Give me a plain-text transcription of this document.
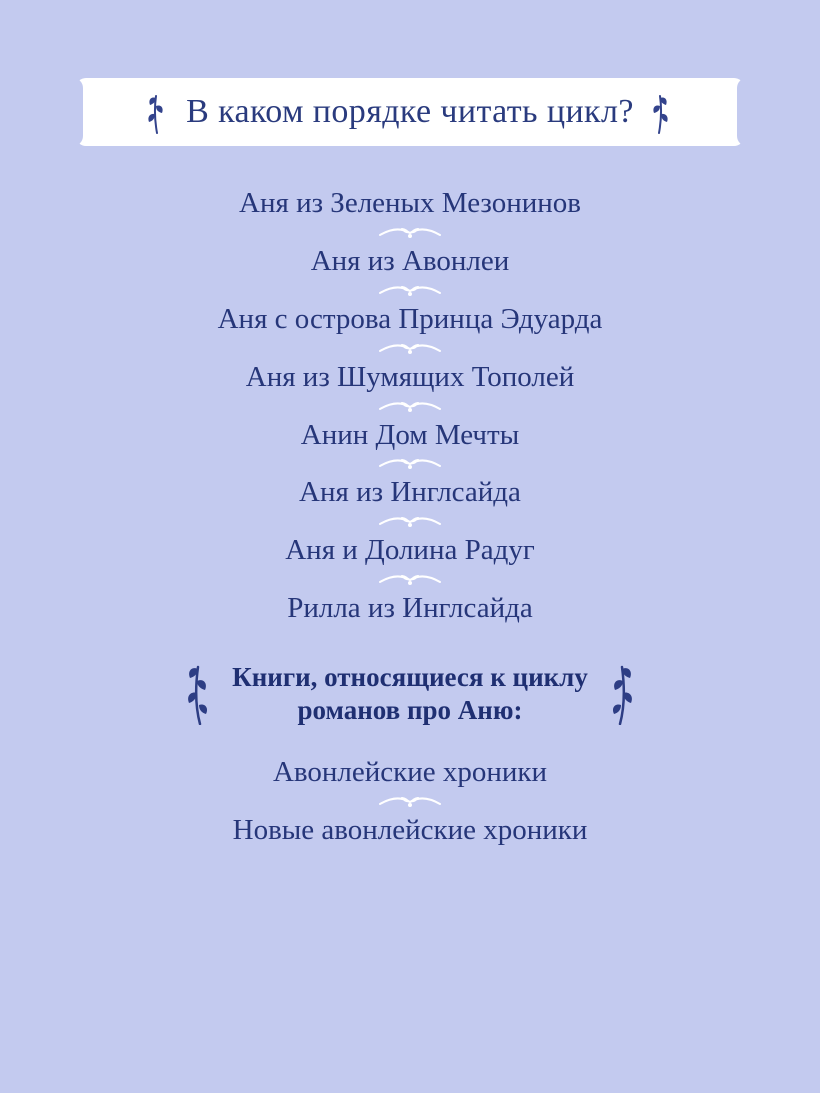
В каком порядке читать цикл?
Аня из Зеленых Мезонинов
Аня из Авонлеи
Аня с острова Принца Эдуарда
Аня из Шумящих Тополей
Анин Дом Мечты
Аня из Инглсайда
Аня и Долина Радуг
Рилла из Инглсайда
Книги, относящиеся к циклу
романов про Аню:
Авонлейские хроники
Новые авонлейские хроники
